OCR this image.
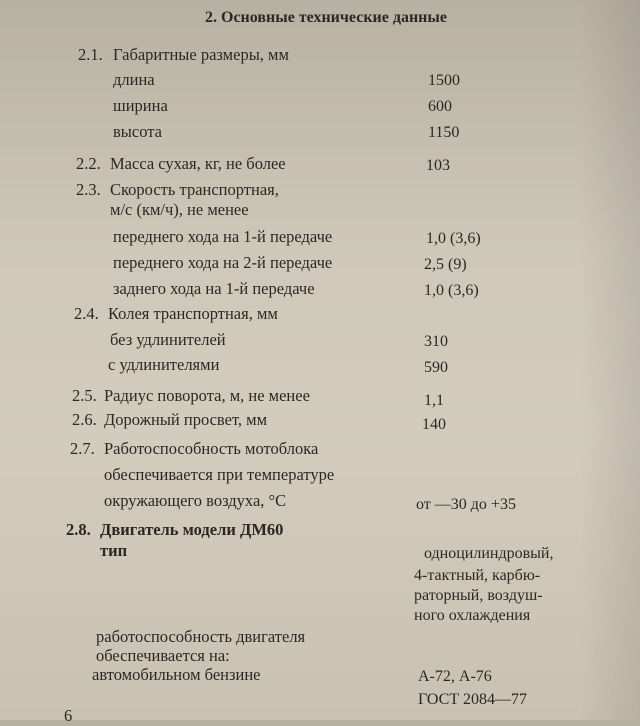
2. Основные технические данные
2.1. Габаритные размеры, мм
длина	1500
ширина	600
высота	1150
2.2. Масса сухая, кг, не более	103
2.3. Скорость транспортная,
м/с (км/ч), не менее
переднего хода на 1-й передаче	1,0 (3,6)
переднего хода на 2-й передаче	2,5 (9)
заднего хода на 1-й передаче	1,0 (3,6)
2.4. Колея транспортная, мм
без удлинителей	310
с удлинителями	590
2.5. Радиус поворота, м, не менее	1,1
2.6. Дорожный просвет, мм	140
2.7. Работоспособность мотоблока
обеспечивается при температуре
окружающего воздуха, °С	от —30 до +35
2.8. Двигатель модели ДМ60
тип	одноцилиндровый,
4-тактный, карбю-
раторный, воздуш-
ного охлаждения
работоспособность двигателя
обеспечивается на:
автомобильном бензине	А-72, А-76
ГОСТ 2084—77
6
